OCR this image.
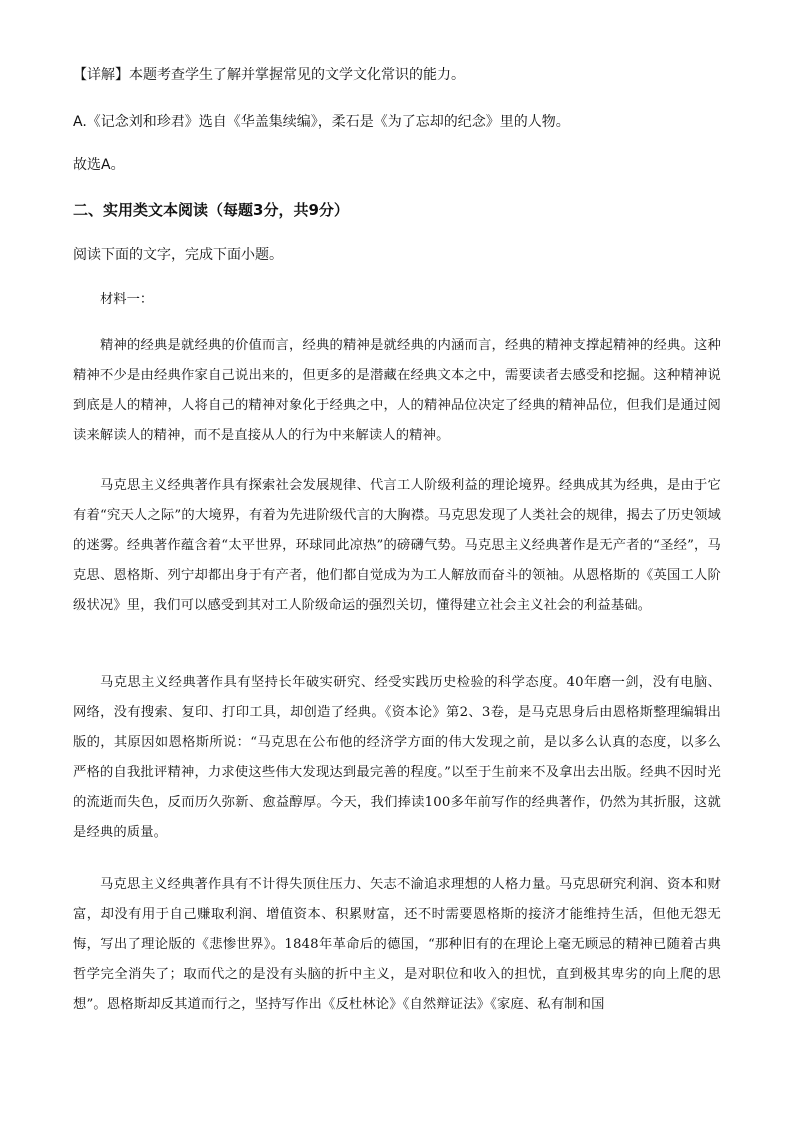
【详解】本题考查学生了解并掌握常见的文学文化常识的能力。
A.《记念刘和珍君》选自《华盖集续编》，柔石是《为了忘却的纪念》里的人物。
故选A。
二、实用类文本阅读（每题3分，共9分）
阅读下面的文字，完成下面小题。
材料一：
精神的经典是就经典的价值而言，经典的精神是就经典的内涵而言，经典的精神支撑起精神的经典。这种精神不少是由经典作家自己说出来的，但更多的是潜藏在经典文本之中，需要读者去感受和挖掘。这种精神说到底是人的精神，人将自己的精神对象化于经典之中，人的精神品位决定了经典的精神品位，但我们是通过阅读来解读人的精神，而不是直接从人的行为中来解读人的精神。
马克思主义经典著作具有探索社会发展规律、代言工人阶级利益的理论境界。经典成其为经典，是由于它有着“究天人之际”的大境界，有着为先进阶级代言的大胸襟。马克思发现了人类社会的规律，揭去了历史领域的迷雾。经典著作蕴含着“太平世界，环球同此凉热”的磅礴气势。马克思主义经典著作是无产者的“圣经”，马克思、恩格斯、列宁却都出身于有产者，他们都自觉成为为工人解放而奋斗的领袖。从恩格斯的《英国工人阶级状况》里，我们可以感受到其对工人阶级命运的强烈关切，懂得建立社会主义社会的利益基础。
马克思主义经典著作具有坚持长年破实研究、经受实践历史检验的科学态度。40年磨一剑，没有电脑、网络，没有搜索、复印、打印工具，却创造了经典。《资本论》第2、3卷，是马克思身后由恩格斯整理编辑出版的，其原因如恩格斯所说：“马克思在公布他的经济学方面的伟大发现之前，是以多么认真的态度，以多么严格的自我批评精神，力求使这些伟大发现达到最完善的程度。”以至于生前来不及拿出去出版。经典不因时光的流逝而失色，反而历久弥新、愈益醇厚。今天，我们捧读100多年前写作的经典著作，仍然为其折服，这就是经典的质量。
马克思主义经典著作具有不计得失顶住压力、矢志不渝追求理想的人格力量。马克思研究利润、资本和财富，却没有用于自己赚取利润、增值资本、积累财富，还不时需要恩格斯的接济才能维持生活，但他无怨无悔，写出了理论版的《悲惨世界》。1848年革命后的德国，“那种旧有的在理论上毫无顾忌的精神已随着古典哲学完全消失了；取而代之的是没有头脑的折中主义，是对职位和收入的担忧，直到极其卑劣的向上爬的思想”。恩格斯却反其道而行之，坚持写作出《反杜林论》《自然辩证法》《家庭、私有制和国
